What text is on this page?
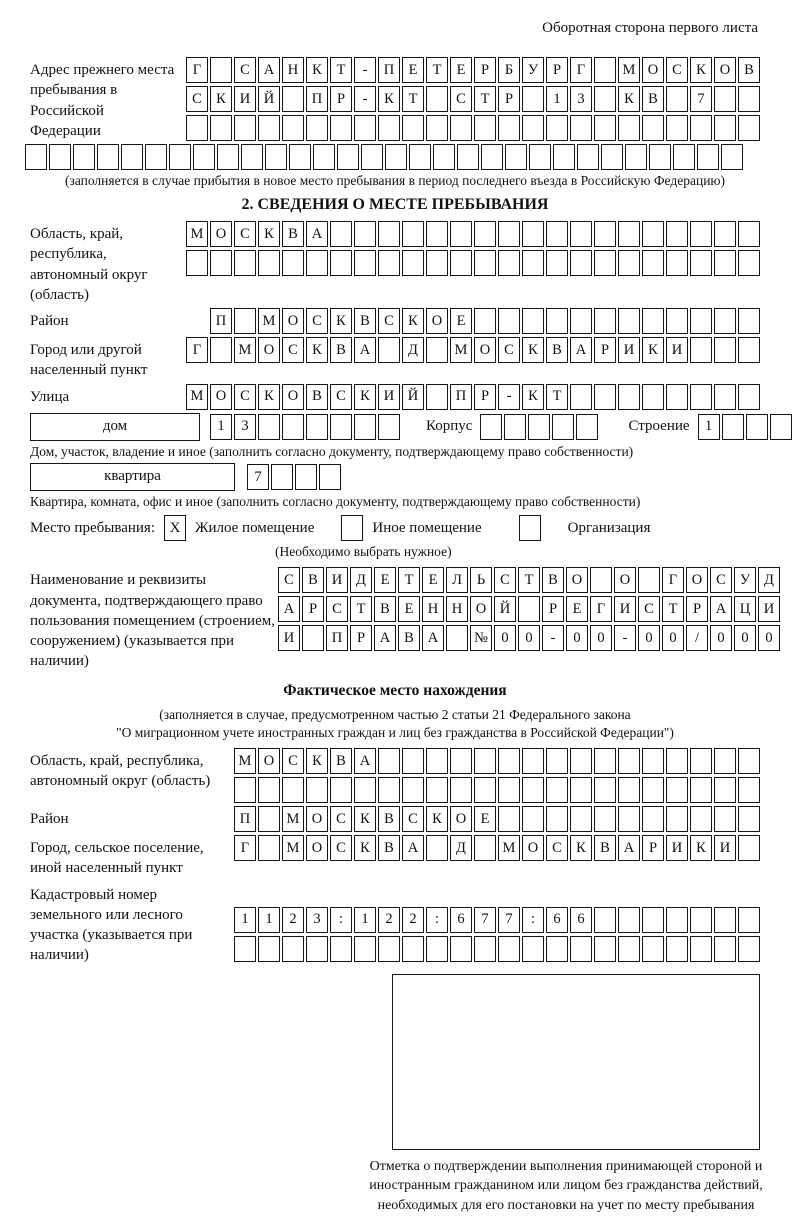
Оборотная сторона первого листа
Адрес прежнего места пребывания в Российской Федерации
Г	С А Н К	Т	-	П Е	Т	Е	Р	Б	У	Р	Г	М О С К О В
С К И Й	П	Р	-	К	Т	С	Т	Р	1	3	К В	7
(заполняется в случае прибытия в новое место пребывания в период последнего въезда в Российскую Федерацию)
2. СВЕДЕНИЯ О МЕСТЕ ПРЕБЫВАНИЯ
Область, край, республика, автономный округ (область)
М О С К В А
Район	П	М О С К В С К О Е
Город или другой населенный пункт
Г	М О С К В А	Д	М О С К В А	Р	И К И
Улица	М О С К О В С К И Й	П	Р	-	К	Т
дом	1	3	Корпус	Строение	1
Дом, участок, владение и иное (заполнить согласно документу, подтверждающему право собственности)
квартира	7
Квартира, комната, офис и иное (заполнить согласно документу, подтверждающему право собственности)
Место пребывания: X Жилое помещение	Иное помещение	Организация
(Необходимо выбрать нужное)
Наименование и реквизиты документа, подтверждающего право пользования помещением (строением, сооружением) (указывается при наличии)
С В И Д	Е	Т	Е	Л	Ь	С	Т	В О	О	Г	О С У Д
А	Р	С	Т	В	Е Н Н О Й	Р	Е	Г	И С	Т	Р	А Ц И
И	П	Р	А В А	№ 0	0	-	0	0	-	0	0	/	0	0	0
Фактическое место нахождения
(заполняется в случае, предусмотренном частью 2 статьи 21 Федерального закона
"О миграционном учете иностранных граждан и лиц без гражданства в Российской Федерации")
Область, край, республика, автономный округ (область)
М О С К В А
Район	П	М О С К В С К О Е
Город, сельское поселение, иной населенный пункт
Г	М О С К В А	Д	М О С К В А	Р	И К И
Кадастровый номер земельного или лесного участка (указывается при наличии)
1	1	2	3	:	1	2	2	:	6	7	7	:	6	6
Отметка о подтверждении выполнения принимающей стороной и иностранным гражданином или лицом без гражданства действий, необходимых для его постановки на учет по месту пребывания
